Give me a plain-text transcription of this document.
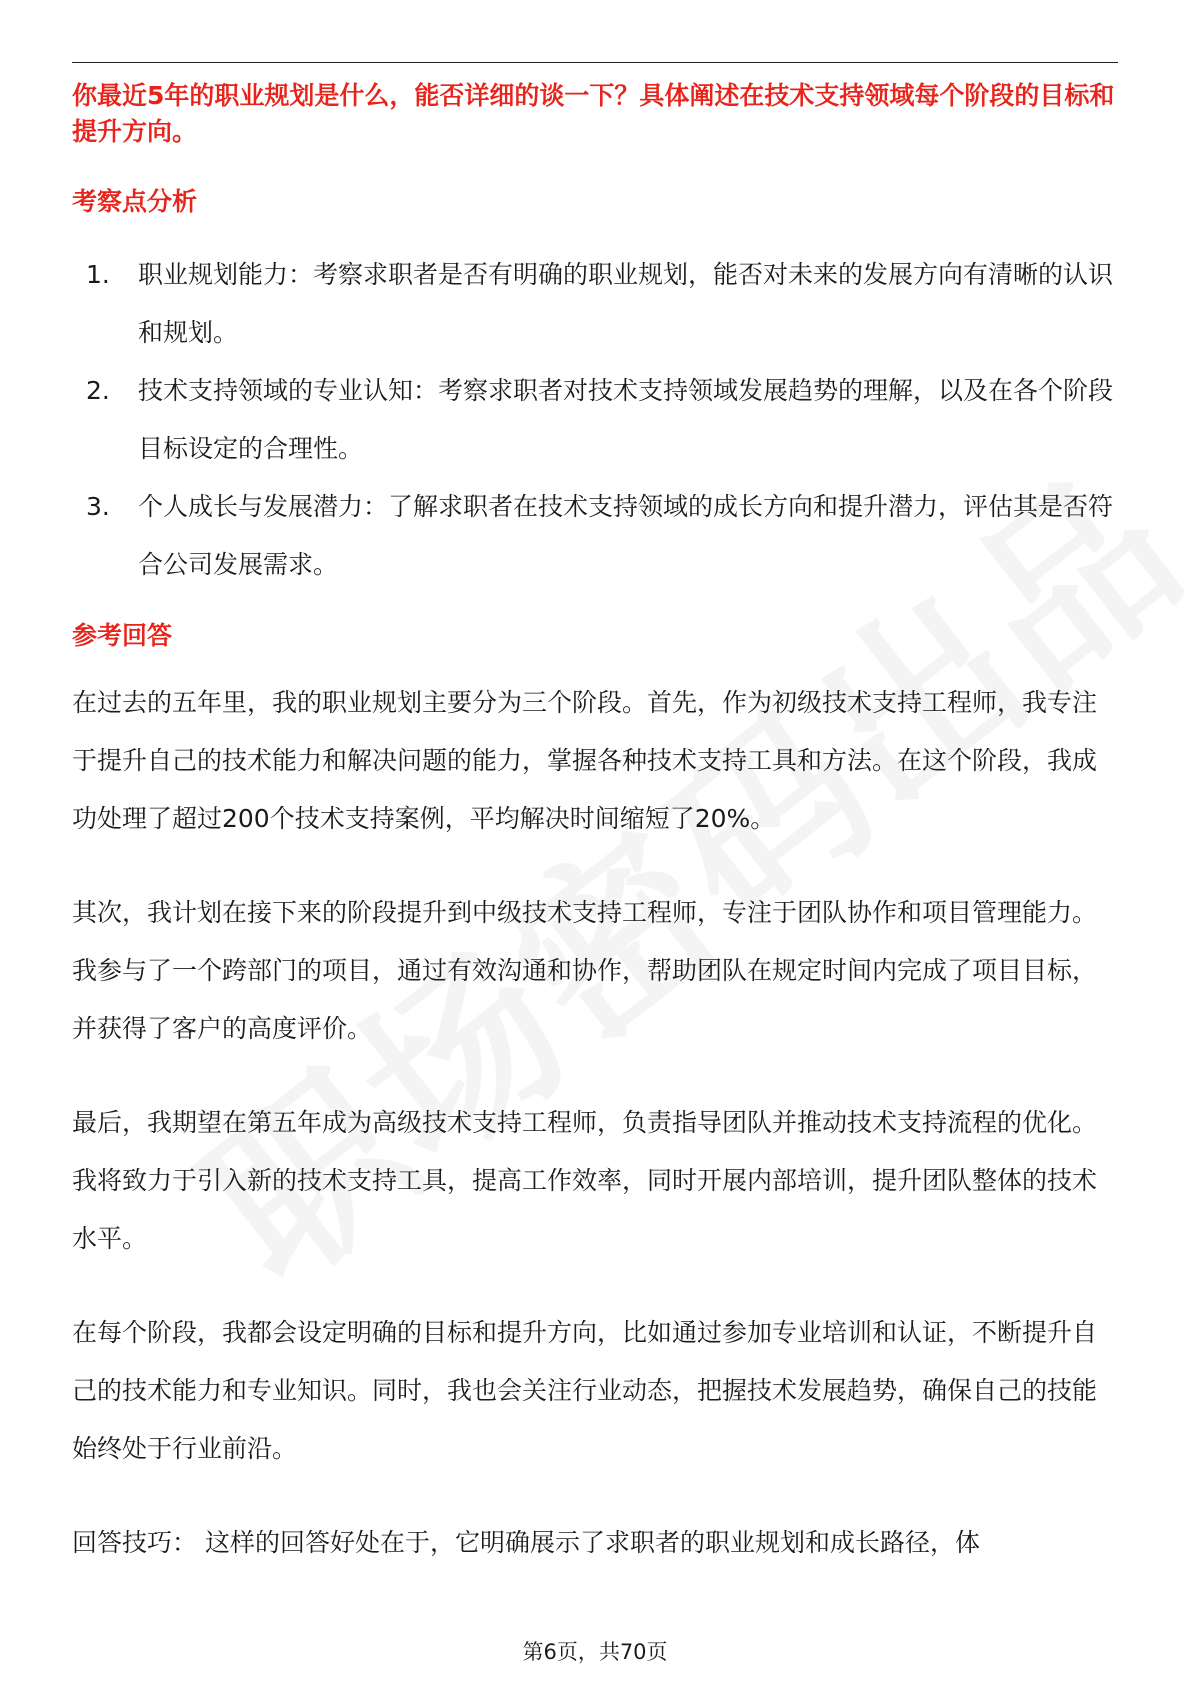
你最近5年的职业规划是什么，能否详细的谈一下？具体阐述在技术支持领域每个阶段的目标和提升方向。

考察点分析

1.	职业规划能力：考察求职者是否有明确的职业规划，能否对未来的发展方向有清晰的认识和规划。
2.	技术支持领域的专业认知：考察求职者对技术支持领域发展趋势的理解，以及在各个阶段目标设定的合理性。
3.	个人成长与发展潜力：了解求职者在技术支持领域的成长方向和提升潜力，评估其是否符合公司发展需求。

参考回答

在过去的五年里，我的职业规划主要分为三个阶段。首先，作为初级技术支持工程师，我专注于提升自己的技术能力和解决问题的能力，掌握各种技术支持工具和方法。在这个阶段，我成功处理了超过200个技术支持案例，平均解决时间缩短了20%。

其次，我计划在接下来的阶段提升到中级技术支持工程师，专注于团队协作和项目管理能力。我参与了一个跨部门的项目，通过有效沟通和协作，帮助团队在规定时间内完成了项目目标，并获得了客户的高度评价。

最后，我期望在第五年成为高级技术支持工程师，负责指导团队并推动技术支持流程的优化。我将致力于引入新的技术支持工具，提高工作效率，同时开展内部培训，提升团队整体的技术水平。

在每个阶段，我都会设定明确的目标和提升方向，比如通过参加专业培训和认证，不断提升自己的技术能力和专业知识。同时，我也会关注行业动态，把握技术发展趋势，确保自己的技能始终处于行业前沿。

回答技巧： 这样的回答好处在于，它明确展示了求职者的职业规划和成长路径，体

第6页，共70页
